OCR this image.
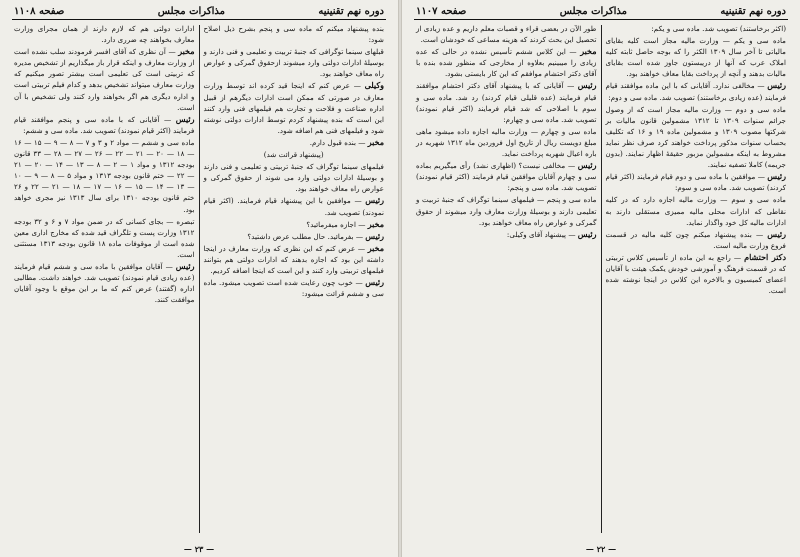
دوره نهم تقنینیه
مذاکرات مجلس
صفحه ۱۱۰۷

(اکثر برخاستند) تصویب شد. ماده سی و یکم:

ماده سی و یکم — وزارت مالیه مجاز است کلیه بقایای مالیاتی تا آخر سال ۱۳۰۹ الکثر را که بوجه حاصل ثابته کلیه املاک عرب که آنها از دریبستون جاوز شده است بقایای مالیات بدهند و آنچه از پرداخت بقایا معاف خواهند بود.

رئیس — مخالفی ندارد. آقایانی که با این ماده موافقند قیام فرمایند (عده زیادی برخاستند) تصویب شد. ماده سی و دوم:

ماده سی و دوم — وزارت مالیه مجاز است که از وصول جرائم سنوات ۱۳۰۹ تا ۱۳۱۲ مشمولین قانون مالیات بر شرکتها مصوب ۱۳۰۹ و مشمولین ماده ۱۹ و ۱۶ که تکلیف بحساب سنوات مذکور پرداخت خواهند کرد صرف نظر نماید مشروط به اینکه مشمولین مزبور حقیقهٔ اظهار نمایند. (بدون جریمه) کاملا تصفیه نمایند.

رئیس — موافقین با ماده سی و دوم قیام فرمایند (اکثر قیام کردند) تصویب شد. ماده سی و سوم:

ماده سی و سوم — وزارت مالیه اجازه دارد که در کلیه نقاطی که ادارات محلی مالیه ممیزی مستقلی دارند به ادارات مالیه کل خود واگذار نماید.

رئیس — بنده پیشنهاد میکنم چون کلیه مالیه در قسمت فروع وزارت مالیه است.

دکتر احتشام — راجع به این ماده از تأسیس کلاس تربیتی که در قسمت فرهنگ و آموزشی خودش یکمک هیئت با آقایان اعضای کمیسیون و بالاخره این کلاس در اینجا نوشته شده است.

طور الآن در بعضی قراء و قصبات معلم داریم و عده زیادی از تحصیل این بحث کردند که هزینه مساعی که خودشان است.

مخبر — این کلاس ششم تأسیس نشده در حالی که عده زیادی را میبینیم بعلاوه از مخارجی که منظور شده بنده با آقای دکتر احتشام موافقم که این کار بایستی بشود.

رئیس — آقایانی که با پیشنهاد آقای دکتر احتشام موافقند قیام فرمایند (عده قلیلی قیام کردند) رد شد. ماده سی و سوم با اصلاحی که شد قیام فرمایند (اکثر قیام نمودند) تصویب شد. ماده سی و چهارم:

ماده سی و چهارم — وزارت مالیه اجازه داده میشود ماهی مبلغ دویست ریال از تاریخ اول فروردین ماه ۱۳۱۲ شهریه در باره اعیال شهریه پرداخت نماید.

رئیس — مخالفی نیست؟ (اظهاری نشد) رأی میگیریم بماده سی و چهارم آقایان موافقین قیام فرمایند (اکثر قیام نمودند) تصویب شد. ماده سی و پنجم:

ماده سی و پنجم — فیلمهای سینما توگراف که جنبهٔ تربیت و تعلیمی دارند و بوسیلهٔ وزارت معارف وارد میشوند از حقوق گمرکی و عوارض راه معاف خواهند بود.

رئیس — پیشنهاد آقای وکیلی:

— ۲۲ —
دوره نهم تقنینیه
مذاکرات مجلس
صفحه ۱۱۰۸

بنده پیشنهاد میکنم که ماده سی و پنجم بشرح ذیل اصلاح شود:

قبلهای سینما توگرافی که جنبهٔ تربیت و تعلیمی و فنی دارند و بوسیلهٔ ادارات دولتی وارد میشوند ازحقوق گمرکی و عوارض راه معاف خواهند بود.

وکیلی — عرض کنم که اینجا قید کرده اند توسط وزارت معارف در صورتی که ممکن است ادارات دیگرهم از قبیل اداره صناعت و فلاحت و تجارت هم فیلمهای فنی وارد کنند این است که بنده پیشنهاد کردم توسط ادارات دولتی نوشته شود و فیلمهای فنی هم اضافه شود.

مخبر — بنده قبول دارم.

(پیشنهاد قرائت شد)

فیلمهای سینما توگراف که جنبهٔ تربیتی و تعلیمی و فنی دارند و بوسیلهٔ ادارات دولتی وارد می شوند از حقوق گمرکی و عوارض راه معاف خواهند بود.

رئیس — موافقین با این پیشنهاد قیام فرمایند. (اکثر قیام نمودند) تصویب شد.

مخبر — اجازه میفرمائید؟

رئیس — بفرمائید. حال مطلب عرض داشتید؟

مخبر — عرض کنم که این نظری که وزارت معارف در اینجا داشته این بود که اجازه بدهند که ادارات دولتی هم بتوانند فیلمهای تربیتی وارد کنند و این است که اینجا اضافه کردیم.

رئیس — خوب چون رعایت شده است تصویب میشود. ماده سی و ششم قرائت میشود:

ادارات دولتی هم که لازم دارند از همان مجرای وزارت معارف بخواهند چه ضرری دارد.

مخبر — آن نظری که آقای افسر فرمودند سلب نشده است از وزارت معارف و اینکه قرار باز میگذاریم از تشخیص مدیره که تربیتی است کی تعلیمی است بیشتر تصور میکنیم که وزارت معارف میتواند تشخیص بدهد و کدام فیلم تربیتی است و اداره دیگری هم اگر بخواهند وارد کنند ولی تشخیص با آن است.

رئیس — آقایانی که با ماده سی و پنجم موافقند قیام فرمایند (اکثر قیام نمودند) تصویب شد. ماده سی و ششم:

ماده سی و ششم — مواد ۲ و ۳ و ۷ — ۸ — ۹ — ۱۵ — ۱۶ — ۱۸ — ۲۰ — ۲۱ — ۲۲ — ۲۶ — ۲۷ — ۲۸ — ۳۳ قانون بودجه ۱۳۱۲ و مواد ۱ — ۲ — ۸ — ۱۳ — ۱۴ — ۲۰ — ۲۱ — ۲۲ — ختم قانون بودجه ۱۳۱۳ و مواد ۵ — ۸ — ۹ — ۱۰ — ۱۳ — ۱۴ — ۱۵ — ۱۶ — ۱۷ — ۱۸ — ۲۱ — ۲۲ و ۲۶ ختم قانون بودجه ۱۳۱۰ برای سال ۱۳۱۳ نیز مجری خواهد بود.

تبصره — بجای کسانی که در ضمن مواد ۷ و ۶ و ۳۲ بودجه ۱۳۱۲ وزارت پست و تلگراف قید شده که مخارج اداری معین شده است از موقوفات ماده ۱۸ قانون بودجه ۱۳۱۳ مستثنی است.

رئیس — آقایان موافقین با ماده سی و ششم قیام فرمایند (عده زیادی قیام نمودند) تصویب شد. خواهند داشت. مطالبی اداره (گفتند) عرض کنم که ما بر این موقع با وجود آقایان موافقت کنند.

— ۲۳ —
